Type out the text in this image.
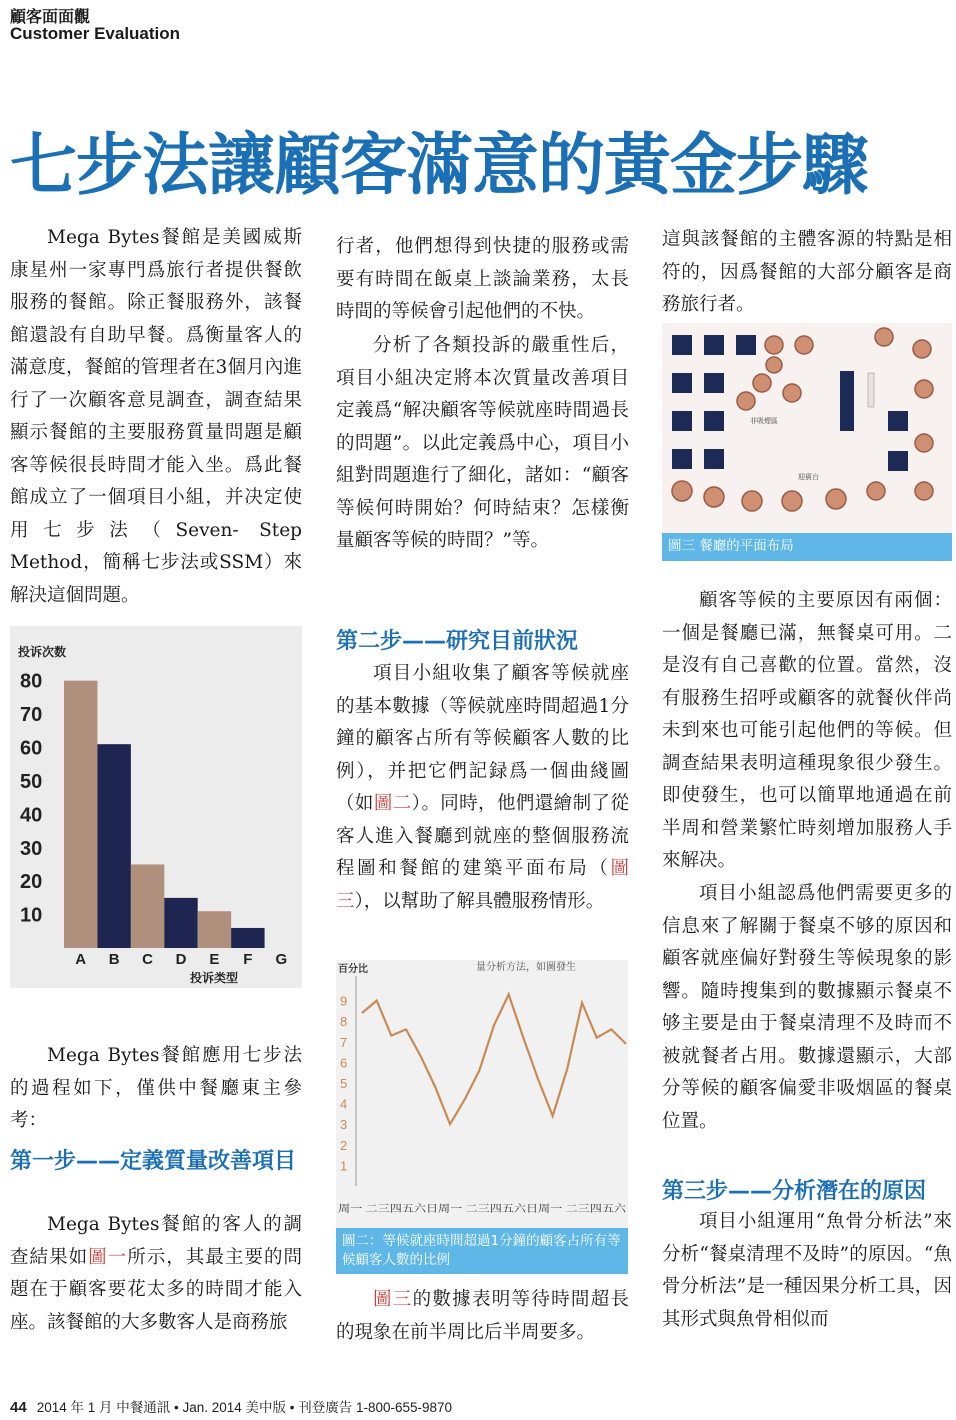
顧客面面觀
Customer Evaluation
七步法讓顧客滿意的黃金步驟

Mega Bytes餐館是美國威斯康星州一家專門爲旅行者提供餐飲服務的餐館。除正餐服務外，該餐館還設有自助早餐。爲衡量客人的滿意度，餐館的管理者在3個月內進行了一次顧客意見調查，調查結果顯示餐館的主要服務質量問題是顧客等候很長時間才能入坐。爲此餐館成立了一個項目小組，并决定使用七步法（Seven- Step Method，簡稱七步法或SSM）來解決這個問題。

投诉次数
10
20
30
40
50
60
70
80
A B C D E F G
投诉类型

Mega Bytes餐館應用七步法的過程如下，僅供中餐廳東主參考：

第一步——定義質量改善項目

Mega Bytes餐館的客人的調查結果如圖一所示，其最主要的問題在于顧客要花太多的時間才能入座。該餐館的大多數客人是商務旅

行者，他們想得到快捷的服務或需要有時間在飯桌上談論業務，太長時間的等候會引起他們的不快。

分析了各類投訴的嚴重性后，項目小組决定將本次質量改善項目定義爲“解决顧客等候就座時間過長的問題”。以此定義爲中心，項目小組對問題進行了細化，諸如：“顧客等候何時開始？何時結束？怎樣衡量顧客等候的時間？”等。

第二步——研究目前狀況

項目小組收集了顧客等候就座的基本數據（等候就座時間超過1分鐘的顧客占所有等候顧客人數的比例），并把它們記録爲一個曲綫圖（如圖二）。同時，他們還繪制了從客人進入餐廳到就座的整個服務流程圖和餐館的建築平面布局（圖三），以幫助了解具體服務情形。

百分比	量分析方法，如圖發生
1
2
3
4
5
6
7
8
9
周一 二三四五六日周一 二三四五六日周一 二三四五六
圖二：等候就座時間超過1分鐘的顧客占所有等候顧客人數的比例

圖三的數據表明等待時間超長的現象在前半周比后半周要多。

這與該餐館的主體客源的特點是相符的，因爲餐館的大部分顧客是商務旅行者。

非吸煙區
迎賓台
圖三 餐廳的平面布局

顧客等候的主要原因有兩個：一個是餐廳已滿，無餐桌可用。二是沒有自己喜歡的位置。當然，沒有服務生招呼或顧客的就餐伙伴尚未到來也可能引起他們的等候。但調查結果表明這種現象很少發生。即使發生，也可以簡單地通過在前半周和營業繁忙時刻增加服務人手來解决。

項目小組認爲他們需要更多的信息來了解關于餐桌不够的原因和顧客就座偏好對發生等候現象的影響。隨時搜集到的數據顯示餐桌不够主要是由于餐桌清理不及時而不被就餐者占用。數據還顯示，大部分等候的顧客偏愛非吸烟區的餐桌位置。

第三步——分析潛在的原因

項目小組運用“魚骨分析法”來分析“餐桌清理不及時”的原因。“魚骨分析法”是一種因果分析工具，因其形式與魚骨相似而

44 2014 年 1 月 中餐通訊 • Jan. 2014 美中版 • 刊登廣告 1-800-655-9870
